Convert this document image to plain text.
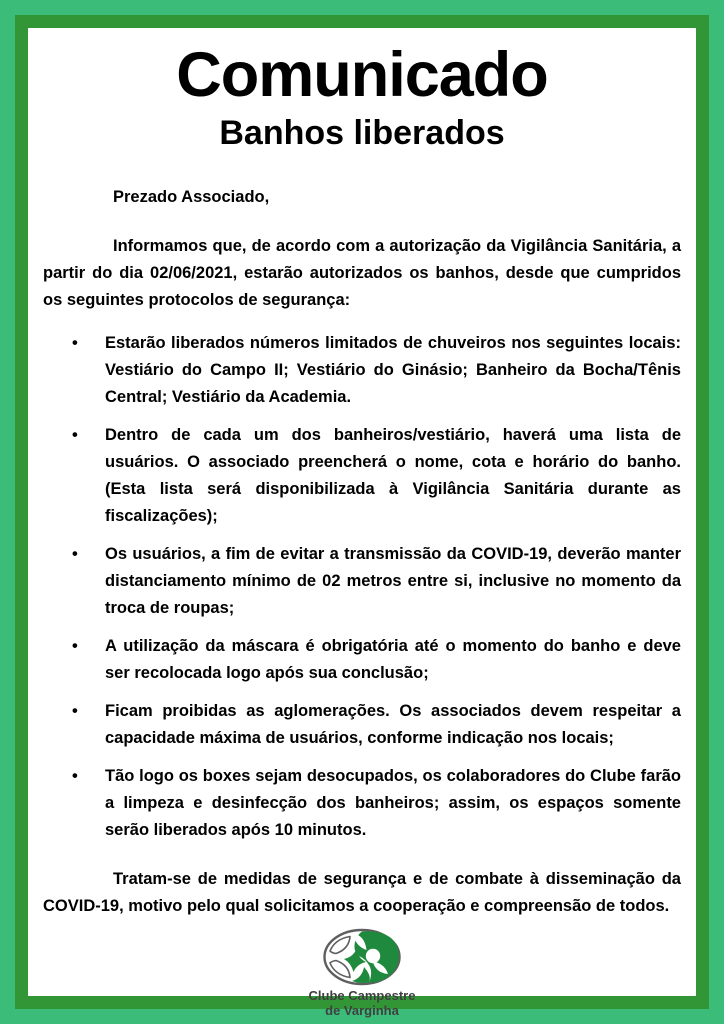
Comunicado
Banhos liberados

Prezado Associado,

Informamos que, de acordo com a autorização da Vigilância Sanitária, a partir do dia 02/06/2021, estarão autorizados os banhos, desde que cumpridos os seguintes protocolos de segurança:

• Estarão liberados números limitados de chuveiros nos seguintes locais: Vestiário do Campo II; Vestiário do Ginásio; Banheiro da Bocha/Tênis Central; Vestiário da Academia.
• Dentro de cada um dos banheiros/vestiário, haverá uma lista de usuários. O associado preencherá o nome, cota e horário do banho. (Esta lista será disponibilizada à Vigilância Sanitária durante as fiscalizações);
• Os usuários, a fim de evitar a transmissão da COVID-19, deverão manter distanciamento mínimo de 02 metros entre si, inclusive no momento da troca de roupas;
• A utilização da máscara é obrigatória até o momento do banho e deve ser recolocada logo após sua conclusão;
• Ficam proibidas as aglomerações. Os associados devem respeitar a capacidade máxima de usuários, conforme indicação nos locais;
• Tão logo os boxes sejam desocupados, os colaboradores do Clube farão a limpeza e desinfecção dos banheiros; assim, os espaços somente serão liberados após 10 minutos.

Tratam-se de medidas de segurança e de combate à disseminação da COVID-19, motivo pelo qual solicitamos a cooperação e compreensão de todos.

Clube Campestre
de Varginha
